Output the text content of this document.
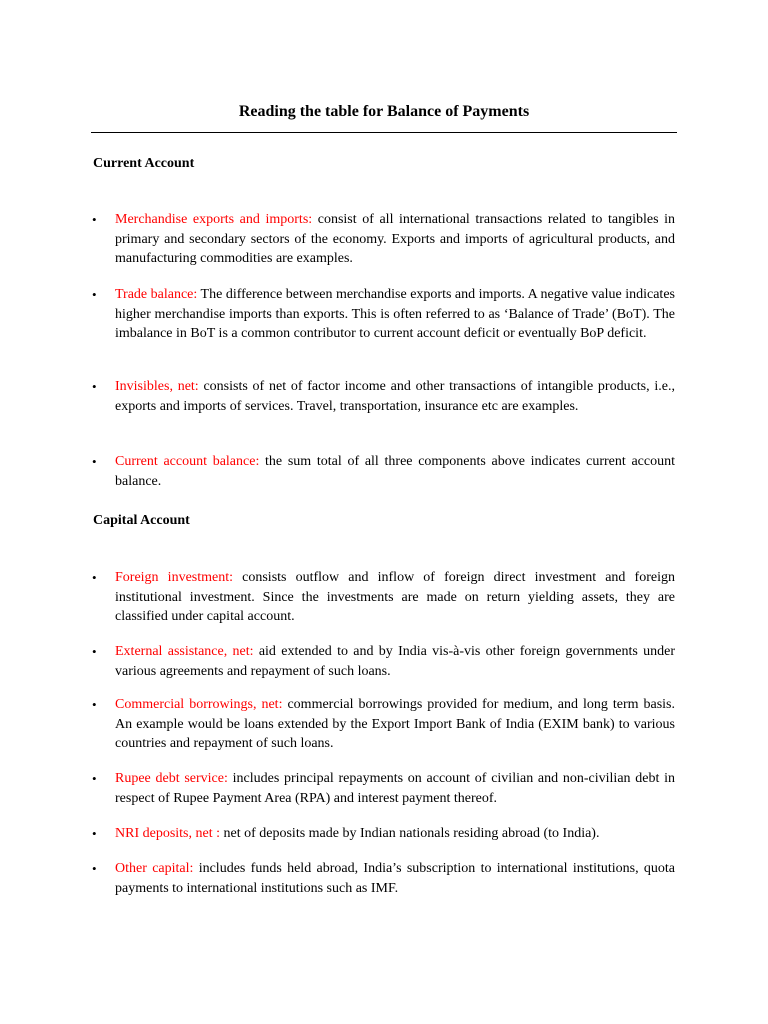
Reading the table for Balance of Payments
Current Account
•	Merchandise exports and imports: consist of all international transactions related to tangibles in primary and secondary sectors of the economy. Exports and imports of agricultural products, and manufacturing commodities are examples.
•	Trade balance: The difference between merchandise exports and imports. A negative value indicates higher merchandise imports than exports. This is often referred to as ‘Balance of Trade’ (BoT). The imbalance in BoT is a common contributor to current account deficit or eventually BoP deficit.
•	Invisibles, net: consists of net of factor income and other transactions of intangible products, i.e., exports and imports of services. Travel, transportation, insurance etc are examples.
•	Current account balance: the sum total of all three components above indicates current account balance.
Capital Account
•	Foreign investment: consists outflow and inflow of foreign direct investment and foreign institutional investment. Since the investments are made on return yielding assets, they are classified under capital account.
•	External assistance, net: aid extended to and by India vis-à-vis other foreign governments under various agreements and repayment of such loans.
•	Commercial borrowings, net: commercial borrowings provided for medium, and long term basis. An example would be loans extended by the Export Import Bank of India (EXIM bank) to various countries and repayment of such loans.
•	Rupee debt service: includes principal repayments on account of civilian and non-civilian debt in respect of Rupee Payment Area (RPA) and interest payment thereof.
•	NRI deposits, net : net of deposits made by Indian nationals residing abroad (to India).
•	Other capital: includes funds held abroad, India’s subscription to international institutions, quota payments to international institutions such as IMF.
